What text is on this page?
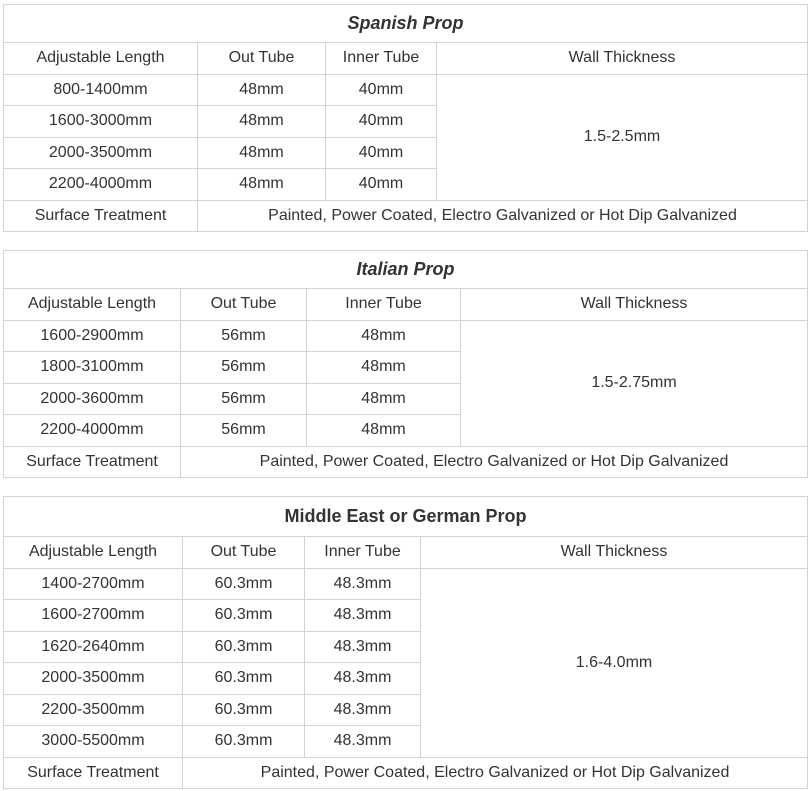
Spanish Prop			
Adjustable Length	Out Tube	Inner Tube	Wall Thickness
800-1400mm	48mm	40mm	1.5-2.5mm
1600-3000mm	48mm	40mm	
2000-3500mm	48mm	40mm	
2200-4000mm	48mm	40mm	
Surface Treatment	Painted, Power Coated, Electro Galvanized or Hot Dip Galvanized		
Italian Prop			
Adjustable Length	Out Tube	Inner Tube	Wall Thickness
1600-2900mm	56mm	48mm	1.5-2.75mm
1800-3100mm	56mm	48mm	
2000-3600mm	56mm	48mm	
2200-4000mm	56mm	48mm	
Surface Treatment	Painted, Power Coated, Electro Galvanized or Hot Dip Galvanized		
Middle East or German Prop			
Adjustable Length	Out Tube	Inner Tube	Wall Thickness
1400-2700mm	60.3mm	48.3mm	1.6-4.0mm
1600-2700mm	60.3mm	48.3mm	
1620-2640mm	60.3mm	48.3mm	
2000-3500mm	60.3mm	48.3mm	
2200-3500mm	60.3mm	48.3mm	
3000-5500mm	60.3mm	48.3mm	
Surface Treatment	Painted, Power Coated, Electro Galvanized or Hot Dip Galvanized		
